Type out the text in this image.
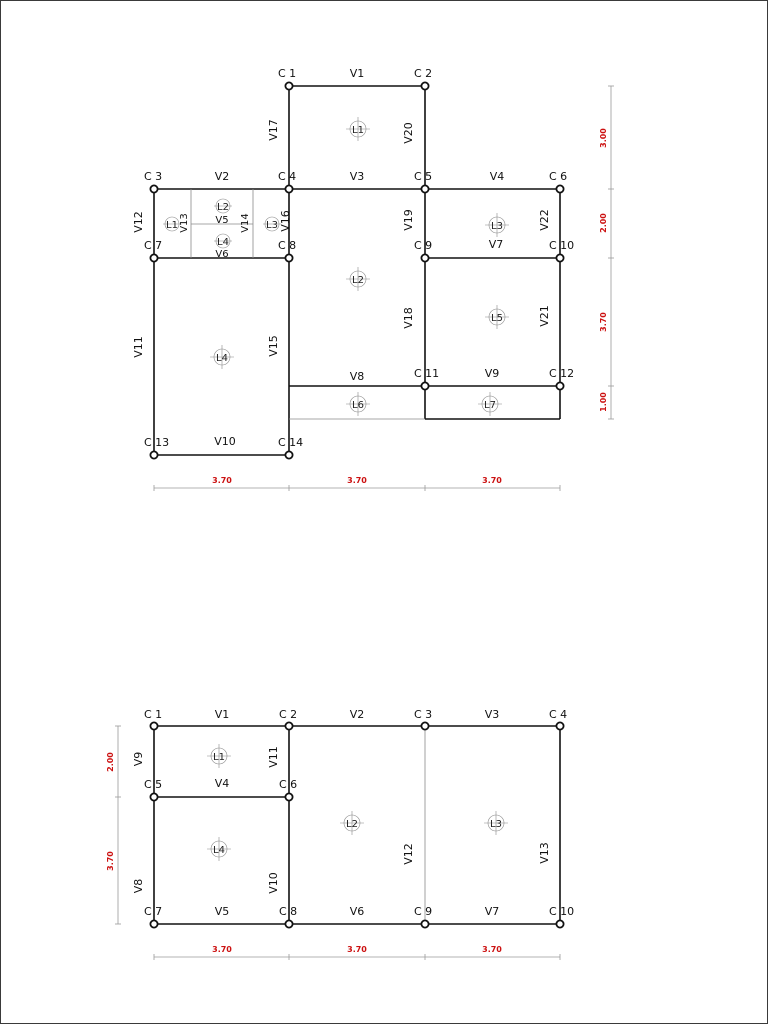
L1
L2
L3
L4
L5
L6	L7
L1
L2
L3
L4
V1
V2	V3	V4
V5
V6
V7
V8	V9
V10
V11
V12	V13	V14
V15
V16
V17
V18
V19
V20
V21
V22
C 1	C 2
C 3	C 4	C 5	C 6
C 7	C 8	C 9	C 10
C 11	C 12
C 13	C 14
3.70	3.70	3.70
3.00
2.00
3.70
1.00
L1
L2	L3
L4
V1	V2	V3
V4
V5	V6	V7
V8
V9
V10
V11
V12	V13
C 1	C 2	C 3	C 4
C 5	C 6
C 7	C 8	C 9	C 10
3.70	3.70	3.70
2.00
3.70
